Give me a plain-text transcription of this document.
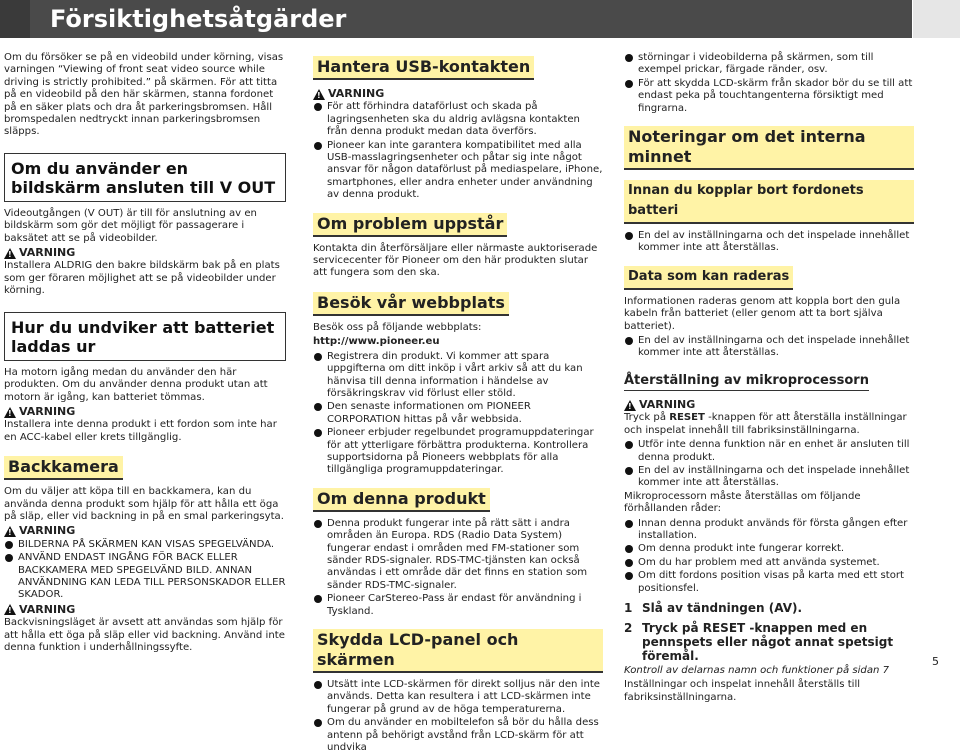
Försiktighetsåtgärder

Om du försöker se på en videobild under körning, visas varningen “Viewing of front seat video source while driving is strictly prohibited.” på skärmen. För att titta på en videobild på den här skärmen, stanna fordonet på en säker plats och dra åt parkeringsbromsen. Håll bromspedalen nedtryckt innan parkeringsbromsen släpps.

Om du använder en bildskärm ansluten till V OUT

Videoutgången (V OUT) är till för anslutning av en bildskärm som gör det möjligt för passagerare i baksätet att se på videobilder.

!
VARNING

Installera ALDRIG den bakre bildskärm bak på en plats som ger föraren möjlighet att se på videobilder under körning.

Hur du undviker att batteriet laddas ur

Ha motorn igång medan du använder den här produkten. Om du använder denna produkt utan att motorn är igång, kan batteriet tömmas.

!
VARNING

Installera inte denna produkt i ett fordon som inte har en ACC-kabel eller krets tillgänglig.

Backkamera

Om du väljer att köpa till en backkamera, kan du använda denna produkt som hjälp för att hålla ett öga på släp, eller vid backning in på en smal parkeringsyta.

!
VARNING
BILDERNA PÅ SKÄRMEN KAN VISAS SPEGELVÄNDA.
ANVÄND ENDAST INGÅNG FÖR BACK ELLER BACKKAMERA MED SPEGELVÄND BILD. ANNAN ANVÄNDNING KAN LEDA TILL PERSONSKADOR ELLER SKADOR.
!
VARNING

Backvisningsläget är avsett att användas som hjälp för att hålla ett öga på släp eller vid backning. Använd inte denna funktion i underhållningssyfte.

Hantera USB-kontakten
!
VARNING
För att förhindra dataförlust och skada på lagringsenheten ska du aldrig avlägsna kontakten från denna produkt medan data överförs.
Pioneer kan inte garantera kompatibilitet med alla USB-masslagringsenheter och påtar sig inte något ansvar för någon dataförlust på mediaspelare, iPhone, smartphones, eller andra enheter under användning av denna produkt.
Om problem uppstår

Kontakta din återförsäljare eller närmaste auktoriserade servicecenter för Pioneer om den här produkten slutar att fungera som den ska.

Besök vår webbplats

Besök oss på följande webbplats:

http://www.pioneer.eu

Registrera din produkt. Vi kommer att spara uppgifterna om ditt inköp i vårt arkiv så att du kan hänvisa till denna information i händelse av försäkringskrav vid förlust eller stöld.
Den senaste informationen om PIONEER CORPORATION hittas på vår webbsida.
Pioneer erbjuder regelbundet programuppdateringar för att ytterligare förbättra produkterna. Kontrollera supportsidorna på Pioneers webbplats för alla tillgängliga programuppdateringar.
Om denna produkt
Denna produkt fungerar inte på rätt sätt i andra områden än Europa. RDS (Radio Data System) fungerar endast i områden med FM-stationer som sänder RDS-signaler. RDS-TMC-tjänsten kan också användas i ett område där det finns en station som sänder RDS-TMC-signaler.
Pioneer CarStereo-Pass är endast för användning i Tyskland.
Skydda LCD-panel och skärmen
Utsätt inte LCD-skärmen för direkt solljus när den inte används. Detta kan resultera i att LCD-skärmen inte fungerar på grund av de höga temperaturerna.
Om du använder en mobiltelefon så bör du hålla dess antenn på behörigt avstånd från LCD-skärm för att undvika
störningar i videobilderna på skärmen, som till exempel prickar, färgade ränder, osv.
För att skydda LCD-skärm från skador bör du se till att endast peka på touchtangenterna försiktigt med fingrarna.
Noteringar om det interna minnet Innan du kopplar bort fordonets batteri
En del av inställningarna och det inspelade innehållet kommer inte att återställas.
Data som kan raderas

Informationen raderas genom att koppla bort den gula kabeln från batteriet (eller genom att ta bort själva batteriet).

En del av inställningarna och det inspelade innehållet kommer inte att återställas.
Återställning av mikroprocessorn
!
VARNING

Tryck på RESET -knappen för att återställa inställningar och inspelat innehåll till fabriksinställningarna.

Utför inte denna funktion när en enhet är ansluten till denna produkt.
En del av inställningarna och det inspelade innehållet kommer inte att återställas.

Mikroprocessorn måste återställas om följande förhållanden råder:

Innan denna produkt används för första gången efter installation.
Om denna produkt inte fungerar korrekt.
Om du har problem med att använda systemet.
Om ditt fordons position visas på karta med ett stort positionsfel.
1 Slå av tändningen (AV).
2 Tryck på RESET -knappen med en pennspets eller något annat spetsigt föremål.

Kontroll av delarnas namn och funktioner på sidan 7

Inställningar och inspelat innehåll återställs till fabriksinställningarna.

5
